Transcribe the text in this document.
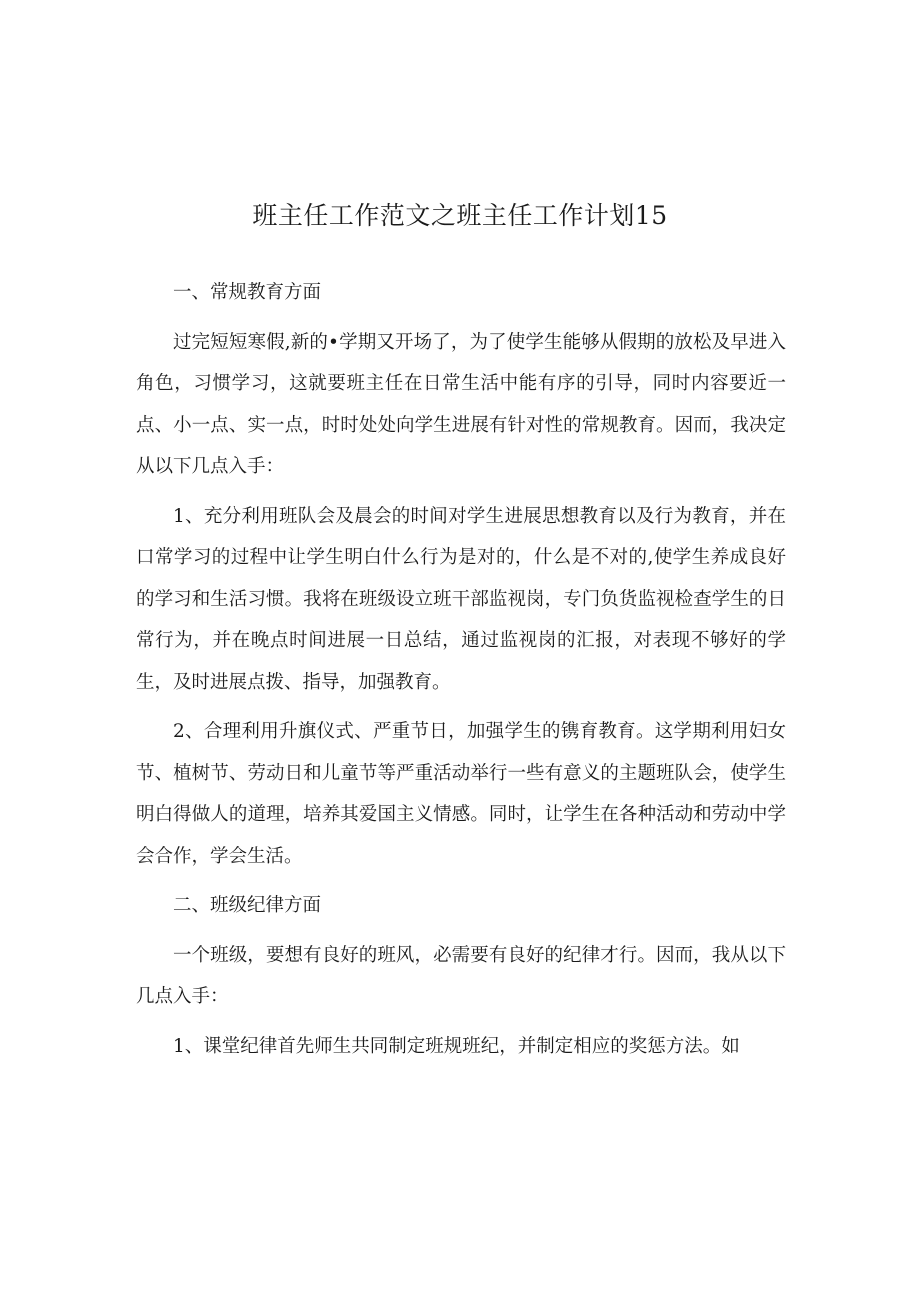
班主任工作范文之班主任工作计划15

一、常规教育方面

过完短短寒假,新的•学期又开场了，为了使学生能够从假期的放松及早进入角色，习惯学习，这就要班主任在日常生活中能有序的引导，同时内容要近一点、小一点、实一点，时时处处向学生进展有针对性的常规教育。因而，我决定从以下几点入手：

1、充分利用班队会及晨会的时间对学生进展思想教育以及行为教育，并在口常学习的过程中让学生明白什么行为是对的，什么是不对的,使学生养成良好的学习和生活习惯。我将在班级设立班干部监视岗，专门负货监视检查学生的日常行为，并在晚点时间进展一日总结，通过监视岗的汇报，对表现不够好的学生，及时进展点拨、指导，加强教育。

2、合理利用升旗仪式、严重节日，加强学生的镌育教育。这学期利用妇女节、植树节、劳动日和儿童节等严重活动举行一些有意义的主题班队会，使学生明白得做人的道理，培养其爱国主义情感。同时，让学生在各种活动和劳动中学会合作，学会生活。

二、班级纪律方面

一个班级，要想有良好的班风，必需要有良好的纪律才行。因而，我从以下几点入手：

1、课堂纪律首先师生共同制定班规班纪，并制定相应的奖惩方法。如
